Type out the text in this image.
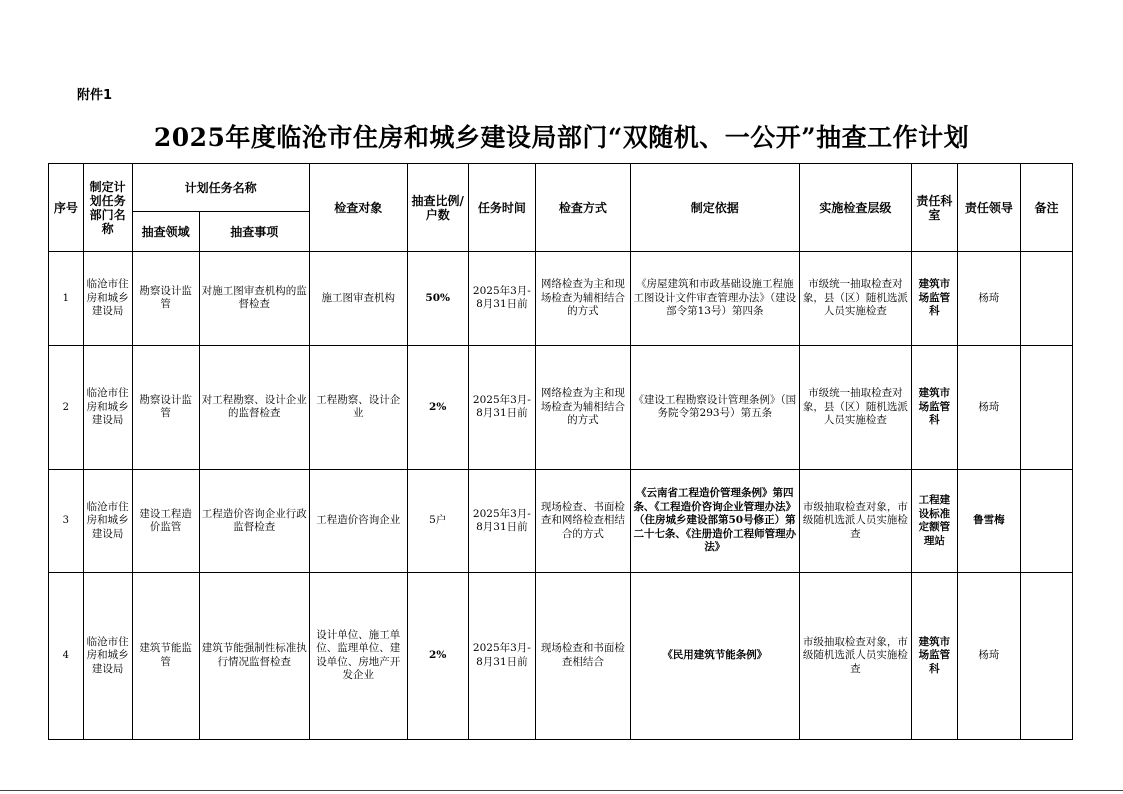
附件1
2025年度临沧市住房和城乡建设局部门“双随机、一公开”抽查工作计划
序号	制定计划任务部门名称	计划任务名称		检查对象	抽查比例/户数	任务时间	检查方式	制定依据	实施检查层级	责任科室	责任领导	备注
		抽查领域	抽查事项									
1	临沧市住房和城乡建设局	勘察设计监管	对施工图审查机构的监督检查	施工图审查机构	50%	2025年3月-8月31日前	网络检查为主和现场检查为辅相结合的方式	《房屋建筑和市政基础设施工程施工图设计文件审查管理办法》（建设部令第13号）第四条	市级统一抽取检查对象，县（区）随机选派人员实施检查	建筑市场监管科	杨琦	
2	临沧市住房和城乡建设局	勘察设计监管	对工程勘察、设计企业的监督检查	工程勘察、设计企业	2%	2025年3月-8月31日前	网络检查为主和现场检查为辅相结合的方式	《建设工程勘察设计管理条例》（国务院令第293号）第五条	市级统一抽取检查对象，县（区）随机选派人员实施检查	建筑市场监管科	杨琦	
3	临沧市住房和城乡建设局	建设工程造价监管	工程造价咨询企业行政监督检查	工程造价咨询企业	5户	2025年3月-8月31日前	现场检查、书面检查和网络检查相结合的方式	《云南省工程造价管理条例》第四条、《工程造价咨询企业管理办法》（住房城乡建设部第50号修正）第二十七条、《注册造价工程师管理办法》	市级抽取检查对象，市级随机选派人员实施检查	工程建设标准定额管理站	鲁雪梅	
4	临沧市住房和城乡建设局	建筑节能监管	建筑节能强制性标准执行情况监督检查	设计单位、施工单位、监理单位、建设单位、房地产开发企业	2%	2025年3月-8月31日前	现场检查和书面检查相结合	《民用建筑节能条例》	市级抽取检查对象，市级随机选派人员实施检查	建筑市场监管科	杨琦	
